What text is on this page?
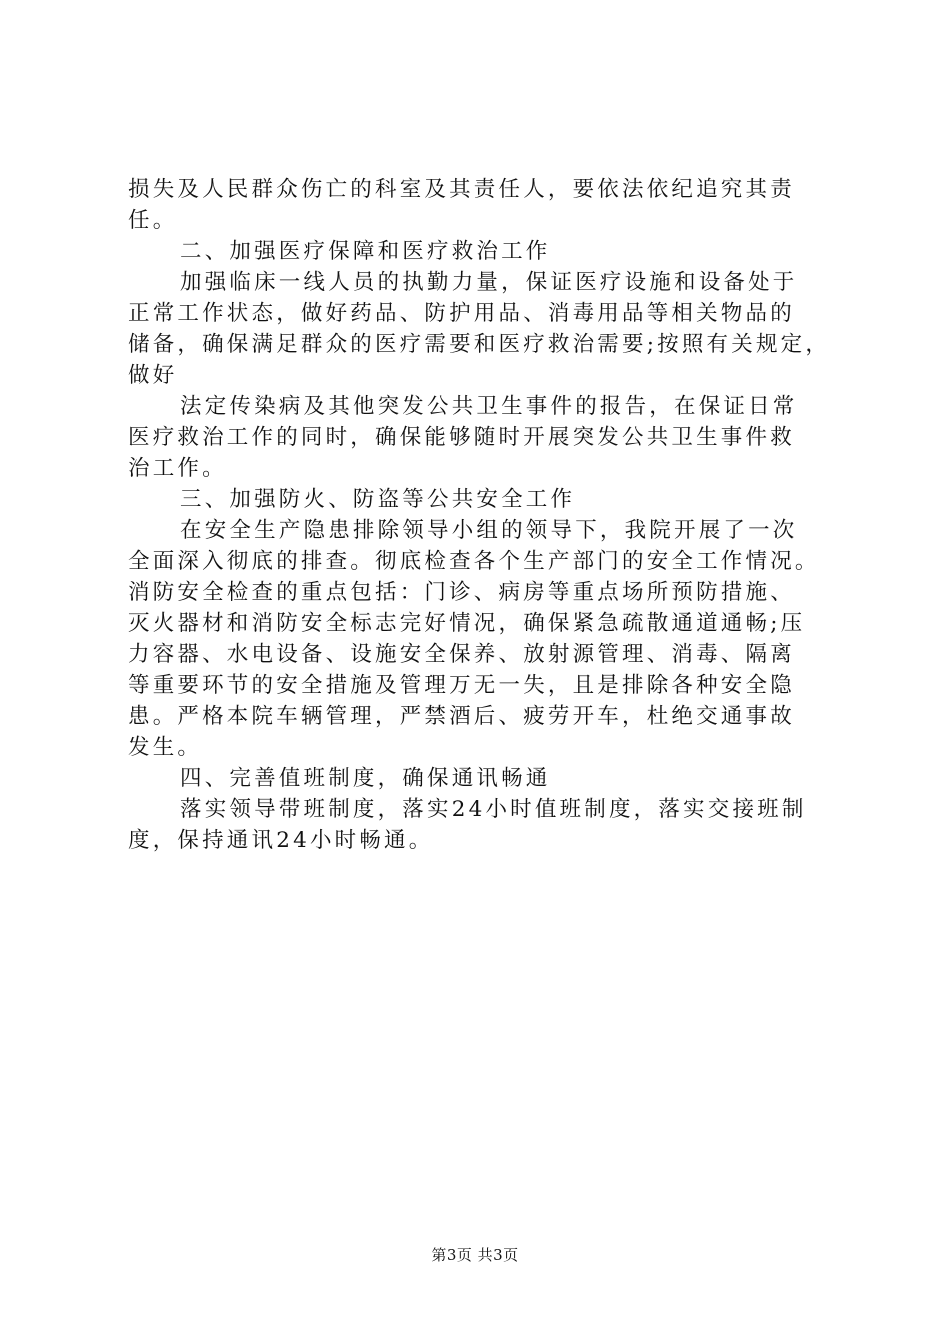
损失及人民群众伤亡的科室及其责任人，要依法依纪追究其责
任。
二、加强医疗保障和医疗救治工作
加强临床一线人员的执勤力量，保证医疗设施和设备处于
正常工作状态，做好药品、防护用品、消毒用品等相关物品的
储备，确保满足群众的医疗需要和医疗救治需要;按照有关规定，
做好
法定传染病及其他突发公共卫生事件的报告，在保证日常
医疗救治工作的同时，确保能够随时开展突发公共卫生事件救
治工作。
三、加强防火、防盗等公共安全工作
在安全生产隐患排除领导小组的领导下，我院开展了一次
全面深入彻底的排查。彻底检查各个生产部门的安全工作情况。
消防安全检查的重点包括：门诊、病房等重点场所预防措施、
灭火器材和消防安全标志完好情况，确保紧急疏散通道通畅;压
力容器、水电设备、设施安全保养、放射源管理、消毒、隔离
等重要环节的安全措施及管理万无一失，且是排除各种安全隐
患。严格本院车辆管理，严禁酒后、疲劳开车，杜绝交通事故
发生。
四、完善值班制度，确保通讯畅通
落实领导带班制度，落实24小时值班制度，落实交接班制
度，保持通讯24小时畅通。
第3页 共3页
